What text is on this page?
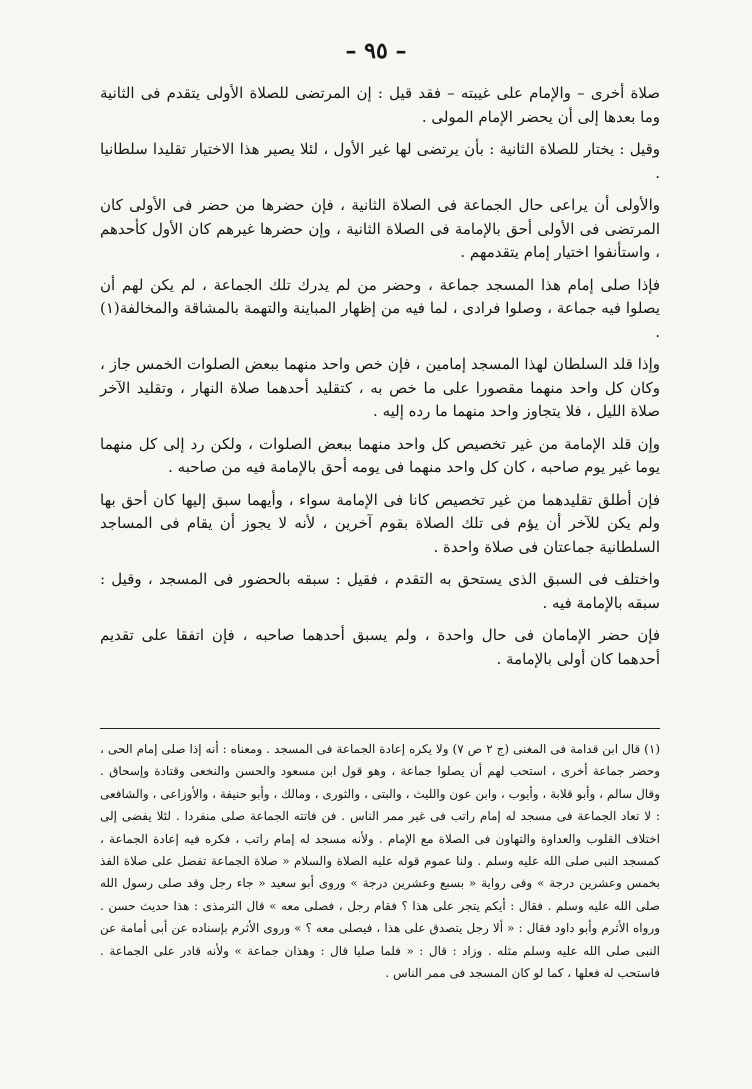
– ٩٥ –

صلاة أخرى – والإمام على غيبته – فقد قيل : إن المرتضى للصلاة الأولى يتقدم فى الثانية وما بعدها إلى أن يحضر الإمام المولى .

وقيل : يختار للصلاة الثانية : بأن يرتضى لها غير الأول ، لئلا يصير هذا الاختيار تقليدا سلطانيا .

والأولى أن يراعى حال الجماعة فى الصلاة الثانية ، فإن حضرها من حضر فى الأولى كان المرتضى فى الأولى أحق بالإمامة فى الصلاة الثانية ، وإن حضرها غيرهم كان الأول كأحدهم ، واستأنفوا اختيار إمام يتقدمهم .

فإذا صلى إمام هذا المسجد جماعة ، وحضر من لم يدرك تلك الجماعة ، لم يكن لهم أن يصلوا فيه جماعة ، وصلوا فرادى ، لما فيه من إظهار المباينة والتهمة بالمشاقة والمخالفة(١) .

وإذا قلد السلطان لهذا المسجد إمامين ، فإن خص واحد منهما ببعض الصلوات الخمس جاز ، وكان كل واحد منهما مقصورا على ما خص به ، كتقليد أحدهما صلاة النهار ، وتقليد الآخر صلاة الليل ، فلا يتجاوز واحد منهما ما رده إليه .

وإن قلد الإمامة من غير تخصيص كل واحد منهما ببعض الصلوات ، ولكن رد إلى كل منهما يوما غير يوم صاحبه ، كان كل واحد منهما فى يومه أحق بالإمامة فيه من صاحبه .

فإن أطلق تقليدهما من غير تخصيص كانا فى الإمامة سواء ، وأيهما سبق إليها كان أحق بها ولم يكن للآخر أن يؤم فى تلك الصلاة بقوم آخرين ، لأنه لا يجوز أن يقام فى المساجد السلطانية جماعتان فى صلاة واحدة .

واختلف فى السبق الذى يستحق به التقدم ، فقيل : سبقه بالحضور فى المسجد ، وقيل : سبقه بالإمامة فيه .

فإن حضر الإمامان فى حال واحدة ، ولم يسبق أحدهما صاحبه ، فإن اتفقا على تقديم أحدهما كان أولى بالإمامة .

(١) قال ابن قدامة فى المغنى (ج ٢ ص ٧) ولا يكره إعادة الجماعة فى المسجد . ومعناه : أنه إذا صلى إمام الحى ، وحضر جماعة أخرى ، استحب لهم أن يصلوا جماعة ، وهو قول ابن مسعود والحسن والنخعى وقتادة وإسحاق . وقال سالم ، وأبو قلابة ، وأيوب ، وابن عون والليث ، والبتى ، والثورى ، ومالك ، وأبو حنيفة ، والأوزاعى ، والشافعى : لا تعاد الجماعة فى مسجد له إمام راتب فى غير ممر الناس . فن فاتته الجماعة صلى منفردا . لئلا يفضى إلى اختلاف القلوب والعداوة والتهاون فى الصلاة مع الإمام . ولأنه مسجد له إمام راتب ، فكره فيه إعادة الجماعة ، كمسجد النبى صلى الله عليه وسلم . ولنا عموم قوله عليه الصلاة والسلام « صلاة الجماعة تفضل على صلاة الفذ بخمس وعشرين درجة » وفى رواية « بسبع وعشرين درجة » وروى أبو سعيد « جاء رجل وقد صلى رسول الله صلى الله عليه وسلم . فقال : أيكم يتجر على هذا ؟ فقام رجل ، فصلى معه » قال الترمذى : هذا حديث حسن . ورواه الأثرم وأبو داود فقال : « ألا رجل يتصدق على هذا ، فيصلى معه ؟ » وروى الأثرم بإسناده عن أبى أمامة عن النبى صلى الله عليه وسلم مثله . وزاد : قال : « فلما صليا قال : وهذان جماعة » ولأنه قادر على الجماعة . فاستحب له فعلها ، كما لو كان المسجد فى ممر الناس .
